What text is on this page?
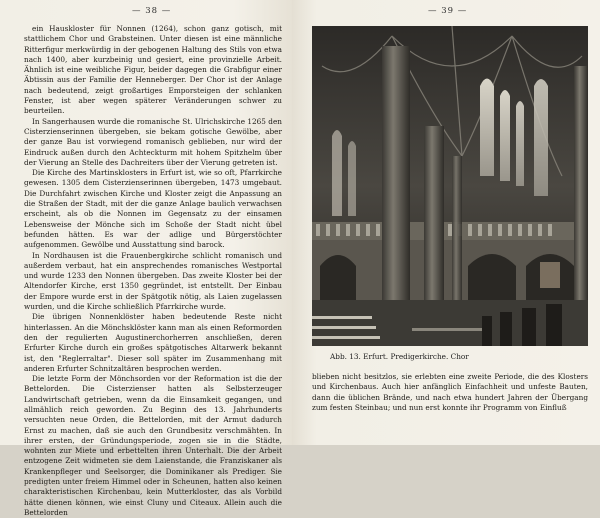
— 38 —

ein Hauskloster für Nonnen (1264), schon ganz gotisch, mit stattlichem Chor und Grabsteinen. Unter diesen ist eine männliche Ritterfigur merkwürdig in der gebogenen Haltung des Stils von etwa nach 1400, aber kurzbeinig und gesiert, eine provinzielle Arbeit. Ähnlich ist eine weibliche Figur, beider dagegen die Grabfigur einer Äbtissin aus der Familie der Henneberger. Der Chor ist der Anlage nach bedeutend, zeigt großartiges Emporsteigen der schlanken Fenster, ist aber wegen späterer Veränderungen schwer zu beurteilen.

In Sangerhausen wurde die romanische St. Ulrichskirche 1265 den Cisterzienserinnen übergeben, sie bekam gotische Gewölbe, aber der ganze Bau ist vorwiegend romanisch geblieben, nur wird der Eindruck außen durch den Achteckturm mit hohem Spitzhelm über der Vierung an Stelle des Dachreiters über der Vierung getreten ist.

Die Kirche des Martinsklosters in Erfurt ist, wie so oft, Pfarrkirche gewesen. 1305 dem Cisterzienserinnen übergeben, 1473 umgebaut. Die Durchfahrt zwischen Kirche und Kloster zeigt die Anpassung an die Straßen der Stadt, mit der die ganze Anlage baulich verwachsen erscheint, als ob die Nonnen im Gegensatz zu der einsamen Lebensweise der Mönche sich im Schoße der Stadt nicht übel befunden hätten. Es war der adlige und Bürgerstöchter aufgenommen. Gewölbe und Ausstattung sind barock.

In Nordhausen ist die Frauenbergkirche schlicht romanisch und außerdem verbaut, hat ein ansprechendes romanisches Westportal und wurde 1233 den Nonnen übergeben. Das zweite Kloster bei der Altendorfer Kirche, erst 1350 gegründet, ist entstellt. Der Einbau der Empore wurde erst in der Spätgotik nötig, als Laien zugelassen wurden, und die Kirche schließlich Pfarrkirche wurde.

Die übrigen Nonnenklöster haben bedeutende Reste nicht hinterlassen. An die Mönchsklöster kann man als einen Reformorden den der regulierten Augustinerchorherren anschließen, deren Erfurter Kirche durch ein großes spätgotisches Altarwerk bekannt ist, den "Reglerraltar". Dieser soll später im Zusammenhang mit anderen Erfurter Schnitzaltären besprochen werden.

Die letzte Form der Mönchsorden vor der Reformation ist die der Bettelorden. Die Cisterzienser hatten als Selbsterzeuger Landwirtschaft getrieben, wenn da die Einsamkeit gegangen, und allmählich reich geworden. Zu Beginn des 13. Jahrhunderts versuchten neue Orden, die Bettelorden, mit der Armut dadurch Ernst zu machen, daß sie auch den Grundbesitz verschmähten. In ihrer ersten, der Gründungsperiode, zogen sie in die Städte, wohnten zur Miete und erbettelten ihren Unterhalt. Die der Arbeit entzogene Zeit widmeten sie dem Laienstande, die Franziskaner als Krankenpfleger und Seelsorger, die Dominikaner als Prediger. Sie predigten unter freiem Himmel oder in Scheunen, hatten also keinen charakteristischen Kirchenbau, kein Mutterkloster, das als Vorbild hätte dienen können, wie einst Cluny und Citeaux. Allein auch die Bettelorden

— 39 —
Abb. 13. Erfurt. Predigerkirche. Chor
blieben nicht besitzlos, sie erlebten eine zweite Periode, die des Klosters und Kirchenbaus. Auch hier anfänglich Einfachheit und unfeste Bauten, dann die üblichen Brände, und nach etwa hundert Jahren der Übergang zum festen Steinbau; und nun erst konnte ihr Programm von Einfluß
